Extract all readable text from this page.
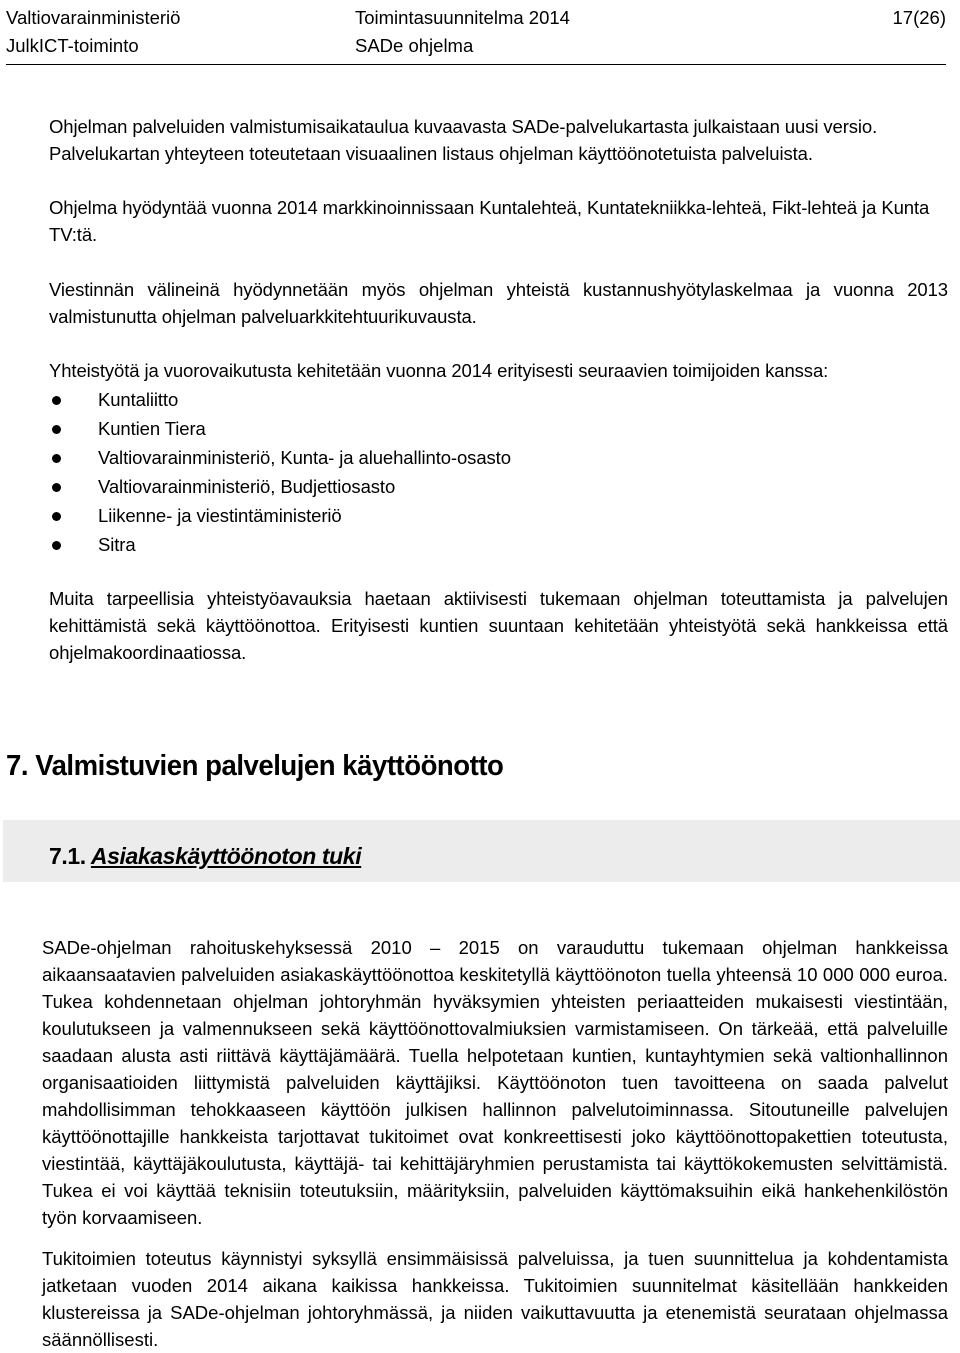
Valtiovarainministeriö	Toimintasuunnitelma 2014	17(26)
JulkICT-toiminto	SADe ohjelma

Ohjelman palveluiden valmistumisaikataulua kuvaavasta SADe-palvelukartasta julkaistaan uusi versio.
Palvelukartan yhteyteen toteutetaan visuaalinen listaus ohjelman käyttöönotetuista palveluista.

Ohjelma hyödyntää vuonna 2014 markkinoinnissaan Kuntalehteä, Kuntatekniikka-lehteä, Fikt-lehteä ja Kunta TV:tä.

Viestinnän välineinä hyödynnetään myös ohjelman yhteistä kustannushyötylaskelmaa ja vuonna 2013 valmistunutta ohjelman palveluarkkitehtuurikuvausta.

Yhteistyötä ja vuorovaikutusta kehitetään vuonna 2014 erityisesti seuraavien toimijoiden kanssa:

Kuntaliitto
Kuntien Tiera
Valtiovarainministeriö, Kunta- ja aluehallinto-osasto
Valtiovarainministeriö, Budjettiosasto
Liikenne- ja viestintäministeriö
Sitra

Muita tarpeellisia yhteistyöavauksia haetaan aktiivisesti tukemaan ohjelman toteuttamista ja palvelujen kehittämistä sekä käyttöönottoa. Erityisesti kuntien suuntaan kehitetään yhteistyötä sekä hankkeissa että ohjelmakoordinaatiossa.

7. Valmistuvien palvelujen käyttöönotto
7.1. Asiakaskäyttöönoton tuki

SADe-ohjelman rahoituskehyksessä 2010 – 2015 on varauduttu tukemaan ohjelman hankkeissa aikaansaatavien palveluiden asiakaskäyttöönottoa keskitetyllä käyttöönoton tuella yhteensä 10 000 000 euroa. Tukea kohdennetaan ohjelman johtoryhmän hyväksymien yhteisten periaatteiden mukaisesti viestintään, koulutukseen ja valmennukseen sekä käyttöönottovalmiuksien varmistamiseen. On tärkeää, että palveluille saadaan alusta asti riittävä käyttäjämäärä. Tuella helpotetaan kuntien, kuntayhtymien sekä valtionhallinnon organisaatioiden liittymistä palveluiden käyttäjiksi. Käyttöönoton tuen tavoitteena on saada palvelut mahdollisimman tehokkaaseen käyttöön julkisen hallinnon palvelutoiminnassa. Sitoutuneille palvelujen käyttöönottajille hankkeista tarjottavat tukitoimet ovat konkreettisesti joko käyttöönottopakettien toteutusta, viestintää, käyttäjäkoulutusta, käyttäjä- tai kehittäjäryhmien perustamista tai käyttökokemusten selvittämistä. Tukea ei voi käyttää teknisiin toteutuksiin, määrityksiin, palveluiden käyttömaksuihin eikä hankehenkilöstön työn korvaamiseen.

Tukitoimien toteutus käynnistyi syksyllä ensimmäisissä palveluissa, ja tuen suunnittelua ja kohdentamista jatketaan vuoden 2014 aikana kaikissa hankkeissa. Tukitoimien suunnitelmat käsitellään hankkeiden klustereissa ja SADe-ohjelman johtoryhmässä, ja niiden vaikuttavuutta ja etenemistä seurataan ohjelmassa säännöllisesti.
